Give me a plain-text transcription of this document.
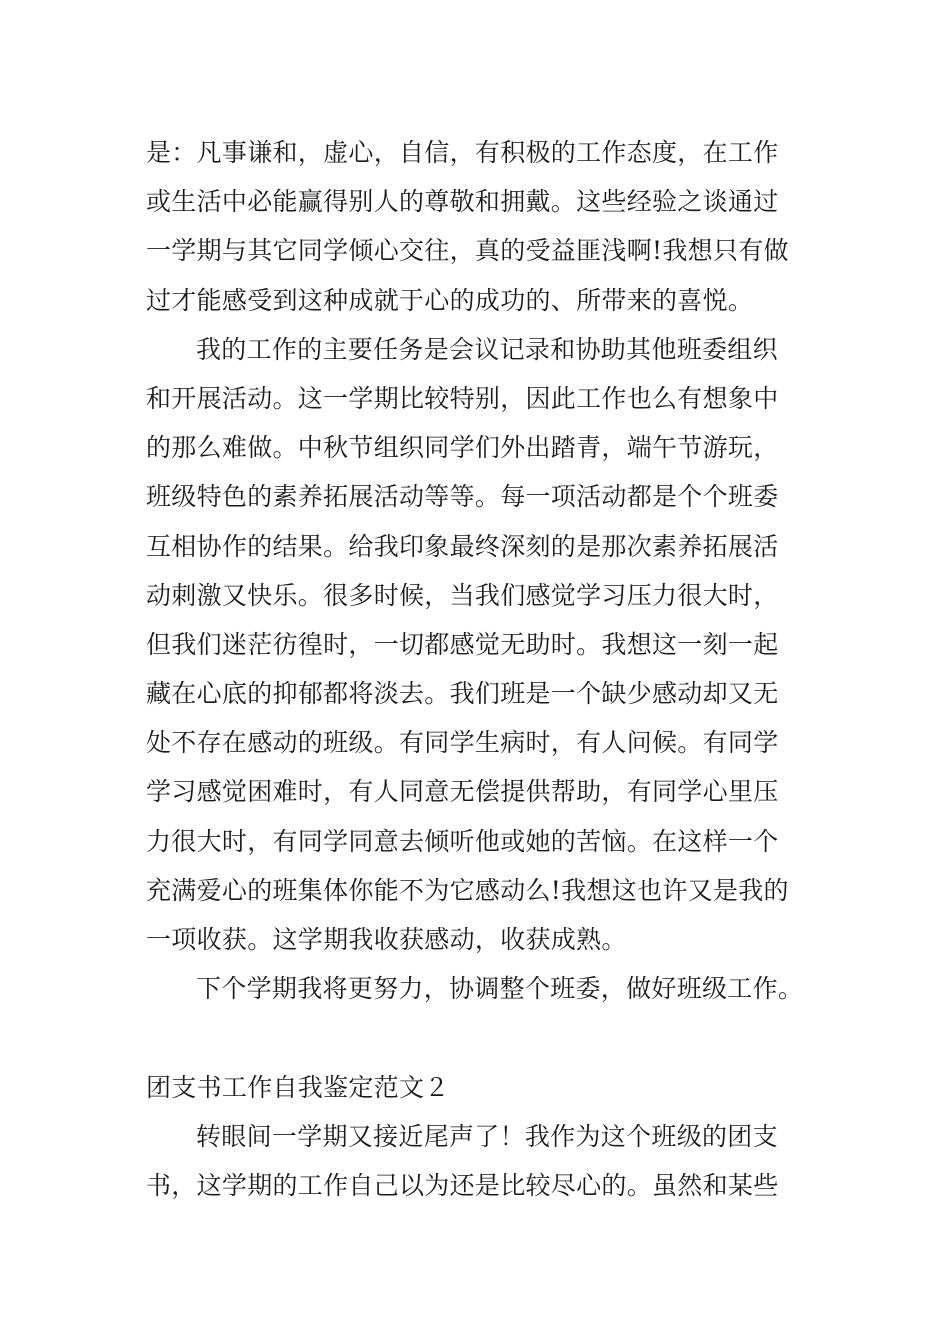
是：凡事谦和，虚心，自信，有积极的工作态度，在工作
或生活中必能赢得别人的尊敬和拥戴。这些经验之谈通过
一学期与其它同学倾心交往，真的受益匪浅啊!我想只有做
过才能感受到这种成就于心的成功的、所带来的喜悦。
我的工作的主要任务是会议记录和协助其他班委组织
和开展活动。这一学期比较特别，因此工作也么有想象中
的那么难做。中秋节组织同学们外出踏青，端午节游玩，
班级特色的素养拓展活动等等。每一项活动都是个个班委
互相协作的结果。给我印象最终深刻的是那次素养拓展活
动刺激又快乐。很多时候，当我们感觉学习压力很大时，
但我们迷茫彷徨时，一切都感觉无助时。我想这一刻一起
藏在心底的抑郁都将淡去。我们班是一个缺少感动却又无
处不存在感动的班级。有同学生病时，有人问候。有同学
学习感觉困难时，有人同意无偿提供帮助，有同学心里压
力很大时，有同学同意去倾听他或她的苦恼。在这样一个
充满爱心的班集体你能不为它感动么!我想这也许又是我的
一项收获。这学期我收获感动，收获成熟。
下个学期我将更努力，协调整个班委，做好班级工作。
团支书工作自我鉴定范文２
转眼间一学期又接近尾声了！我作为这个班级的团支
书，这学期的工作自己以为还是比较尽心的。虽然和某些
